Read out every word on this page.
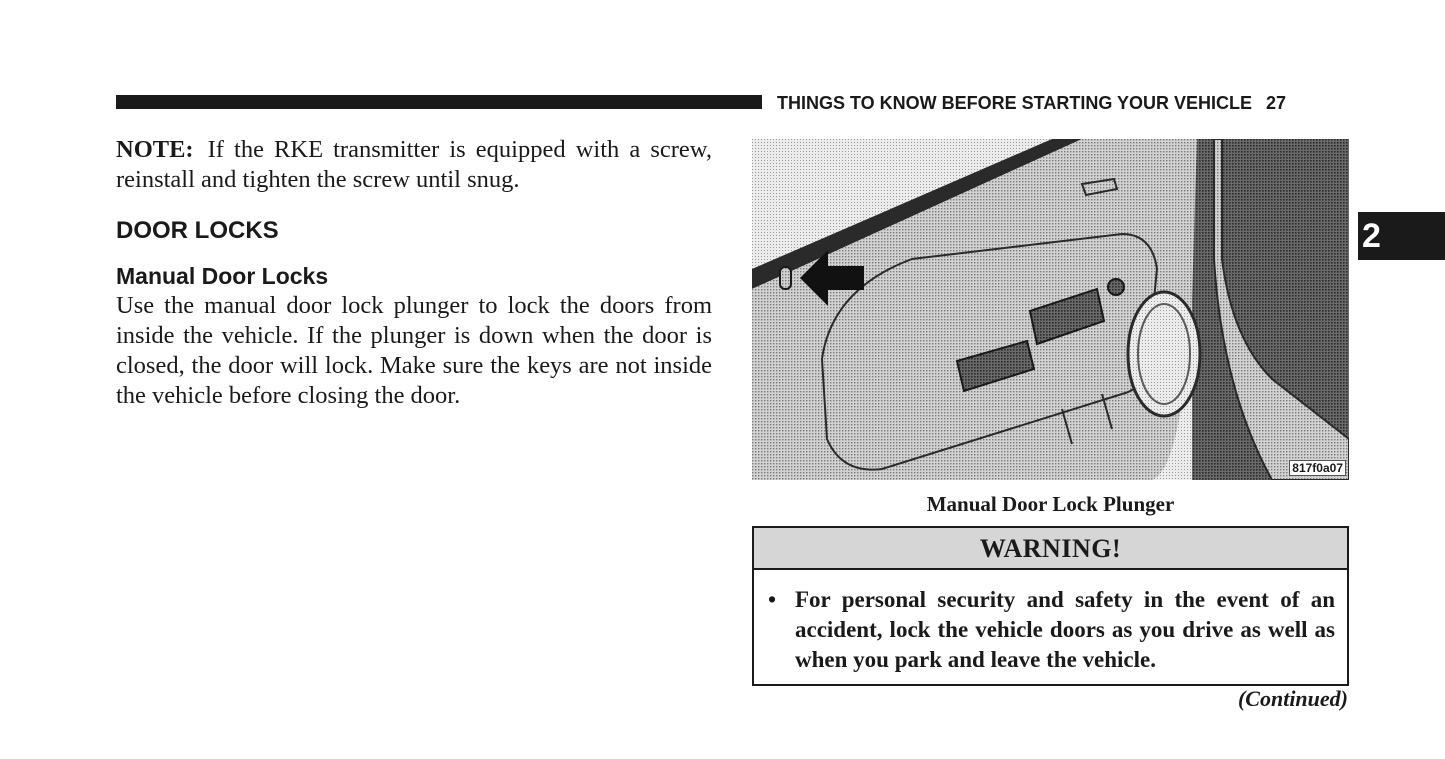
THINGS TO KNOW BEFORE STARTING YOUR VEHICLE 27
2
NOTE: If the RKE transmitter is equipped with a screw, reinstall and tighten the screw until snug.
DOOR LOCKS
Manual Door Locks
Use the manual door lock plunger to lock the doors from inside the vehicle. If the plunger is down when the door is closed, the door will lock. Make sure the keys are not inside the vehicle before closing the door.
817f0a07
Manual Door Lock Plunger
WARNING!
• For personal security and safety in the event of an accident, lock the vehicle doors as you drive as well as when you park and leave the vehicle.
(Continued)
